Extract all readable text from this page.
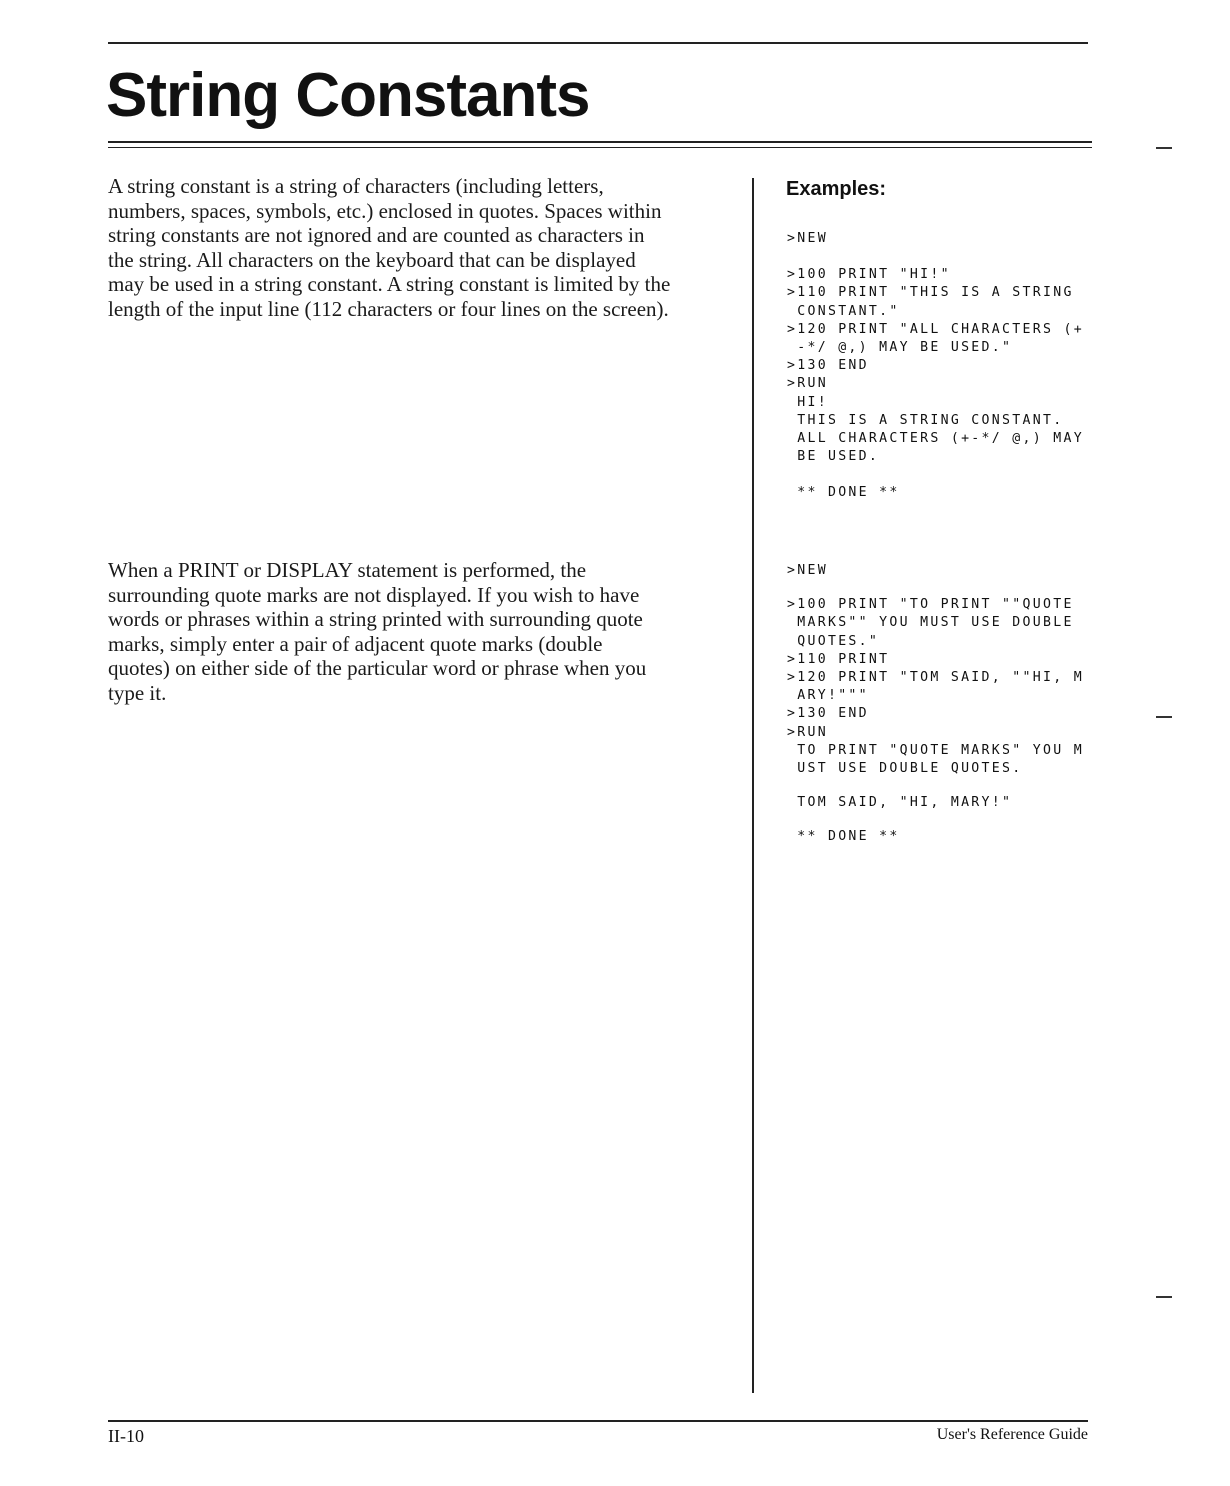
String Constants
A string constant is a string of characters (including letters,
numbers, spaces, symbols, etc.) enclosed in quotes. Spaces within
string constants are not ignored and are counted as characters in
the string. All characters on the keyboard that can be displayed
may be used in a string constant. A string constant is limited by the
length of the input line (112 characters or four lines on the screen).
When a PRINT or DISPLAY statement is performed, the
surrounding quote marks are not displayed. If you wish to have
words or phrases within a string printed with surrounding quote
marks, simply enter a pair of adjacent quote marks (double
quotes) on either side of the particular word or phrase when you
type it.
Examples:
>NEW
>100 PRINT "HI!"
>110 PRINT "THIS IS A STRING
CONSTANT."
>120 PRINT "ALL CHARACTERS (+
-*/ @,) MAY BE USED."
>130 END
>RUN
HI!
THIS IS A STRING CONSTANT.
ALL CHARACTERS (+-*/ @,) MAY
BE USED.
** DONE **
>NEW
>100 PRINT "TO PRINT ""QUOTE
MARKS"" YOU MUST USE DOUBLE
QUOTES."
>110 PRINT
>120 PRINT "TOM SAID, ""HI, M
ARY!"""
>130 END
>RUN
TO PRINT "QUOTE MARKS" YOU M
UST USE DOUBLE QUOTES.
TOM SAID, "HI, MARY!"
** DONE **
II-10	User's Reference Guide
